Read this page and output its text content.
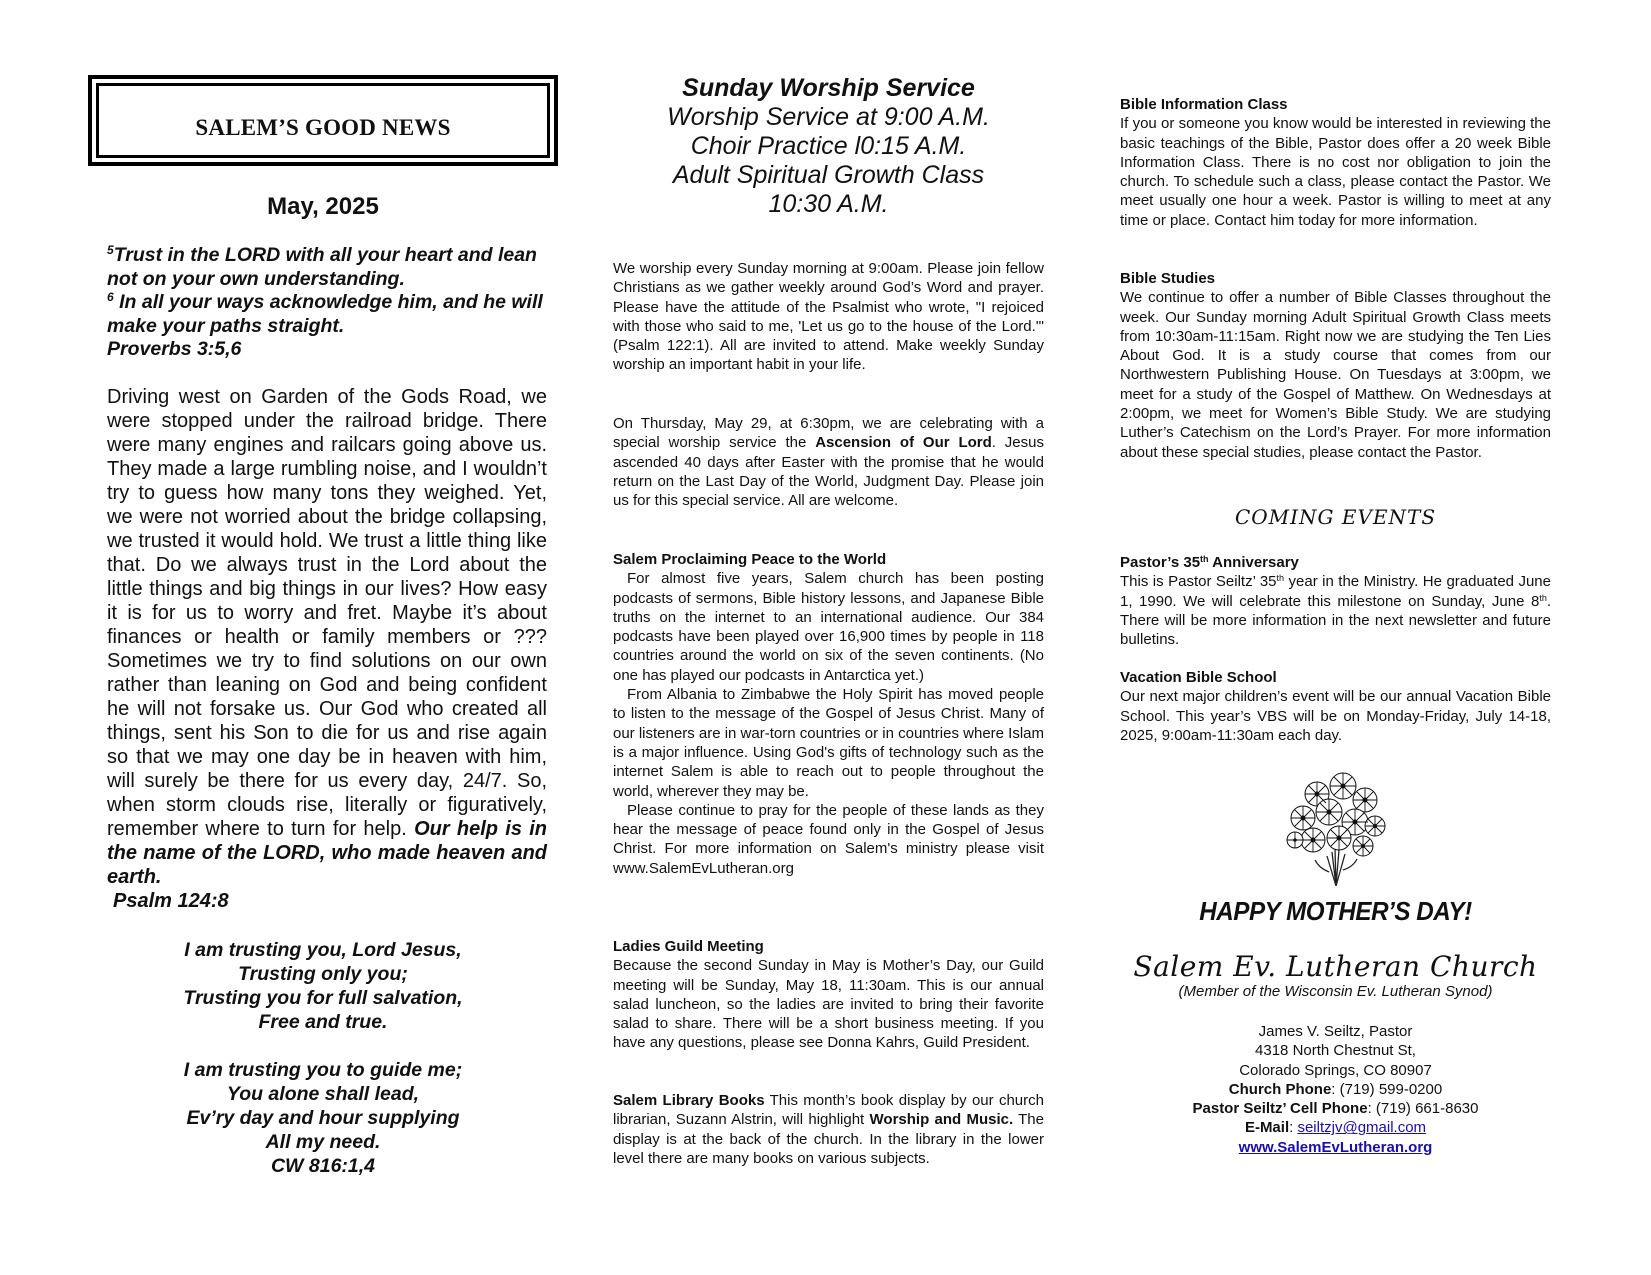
SALEM’S GOOD NEWS
May, 2025
$^5$Trust in the LORD with all your heart and lean not on your own understanding.
$^6$ In all your ways acknowledge him, and he will make your paths straight.
Proverbs 3:5,6
Driving west on Garden of the Gods Road, we were stopped under the railroad bridge. There were many engines and railcars going above us. They made a large rumbling noise, and I wouldn’t try to guess how many tons they weighed. Yet, we were not worried about the bridge collapsing, we trusted it would hold. We trust a little thing like that. Do we always trust in the Lord about the little things and big things in our lives? How easy it is for us to worry and fret. Maybe it’s about finances or health or family members or ??? Sometimes we try to find solutions on our own rather than leaning on God and being confident he will not forsake us. Our God who created all things, sent his Son to die for us and rise again so that we may one day be in heaven with him, will surely be there for us every day, 24/7. So, when storm clouds rise, literally or figuratively, remember where to turn for help. Our help is in the name of the LORD, who made heaven and earth.
Psalm 124:8
I am trusting you, Lord Jesus,
Trusting only you;
Trusting you for full salvation,
Free and true.
I am trusting you to guide me;
You alone shall lead,
Ev’ry day and hour supplying
All my need.
CW 816:1,4
Sunday Worship Service
Worship Service at 9:00 A.M.
Choir Practice l0:15 A.M.
Adult Spiritual Growth Class
10:30 A.M.
We worship every Sunday morning at 9:00am. Please join fellow Christians as we gather weekly around God’s Word and prayer. Please have the attitude of the Psalmist who wrote, "I rejoiced with those who said to me, 'Let us go to the house of the Lord.'" (Psalm 122:1). All are invited to attend. Make weekly Sunday worship an important habit in your life.
On Thursday, May 29, at 6:30pm, we are celebrating with a special worship service the Ascension of Our Lord. Jesus ascended 40 days after Easter with the promise that he would return on the Last Day of the World, Judgment Day. Please join us for this special service. All are welcome.
Salem Proclaiming Peace to the World
For almost five years, Salem church has been posting podcasts of sermons, Bible history lessons, and Japanese Bible truths on the internet to an international audience. Our 384 podcasts have been played over 16,900 times by people in 118 countries around the world on six of the seven continents. (No one has played our podcasts in Antarctica yet.)
From Albania to Zimbabwe the Holy Spirit has moved people to listen to the message of the Gospel of Jesus Christ. Many of our listeners are in war-torn countries or in countries where Islam is a major influence. Using God's gifts of technology such as the internet Salem is able to reach out to people throughout the world, wherever they may be.
Please continue to pray for the people of these lands as they hear the message of peace found only in the Gospel of Jesus Christ. For more information on Salem's ministry please visit www.SalemEvLutheran.org
Ladies Guild Meeting
Because the second Sunday in May is Mother’s Day, our Guild meeting will be Sunday, May 18, 11:30am. This is our annual salad luncheon, so the ladies are invited to bring their favorite salad to share. There will be a short business meeting. If you have any questions, please see Donna Kahrs, Guild President.
Salem Library Books This month’s book display by our church librarian, Suzann Alstrin, will highlight Worship and Music. The display is at the back of the church. In the library in the lower level there are many books on various subjects.
Bible Information Class
If you or someone you know would be interested in reviewing the basic teachings of the Bible, Pastor does offer a 20 week Bible Information Class. There is no cost nor obligation to join the church. To schedule such a class, please contact the Pastor. We meet usually one hour a week. Pastor is willing to meet at any time or place. Contact him today for more information.
Bible Studies
We continue to offer a number of Bible Classes throughout the week. Our Sunday morning Adult Spiritual Growth Class meets from 10:30am-11:15am. Right now we are studying the Ten Lies About God. It is a study course that comes from our Northwestern Publishing House. On Tuesdays at 3:00pm, we meet for a study of the Gospel of Matthew. On Wednesdays at 2:00pm, we meet for Women’s Bible Study. We are studying Luther’s Catechism on the Lord’s Prayer. For more information about these special studies, please contact the Pastor.
COMING EVENTS
Pastor’s 35th Anniversary
This is Pastor Seiltz’ 35th year in the Ministry. He graduated June 1, 1990. We will celebrate this milestone on Sunday, June 8th. There will be more information in the next newsletter and future bulletins.
Vacation Bible School
Our next major children’s event will be our annual Vacation Bible School. This year’s VBS will be on Monday-Friday, July 14-18, 2025, 9:00am-11:30am each day.
HAPPY MOTHER’S DAY!
Salem Ev. Lutheran Church
(Member of the Wisconsin Ev. Lutheran Synod)
James V. Seiltz, Pastor
4318 North Chestnut St,
Colorado Springs, CO 80907
Church Phone: (719) 599-0200
Pastor Seiltz’ Cell Phone: (719) 661-8630
E-Mail: seiltzjv@gmail.com
www.SalemEvLutheran.org
